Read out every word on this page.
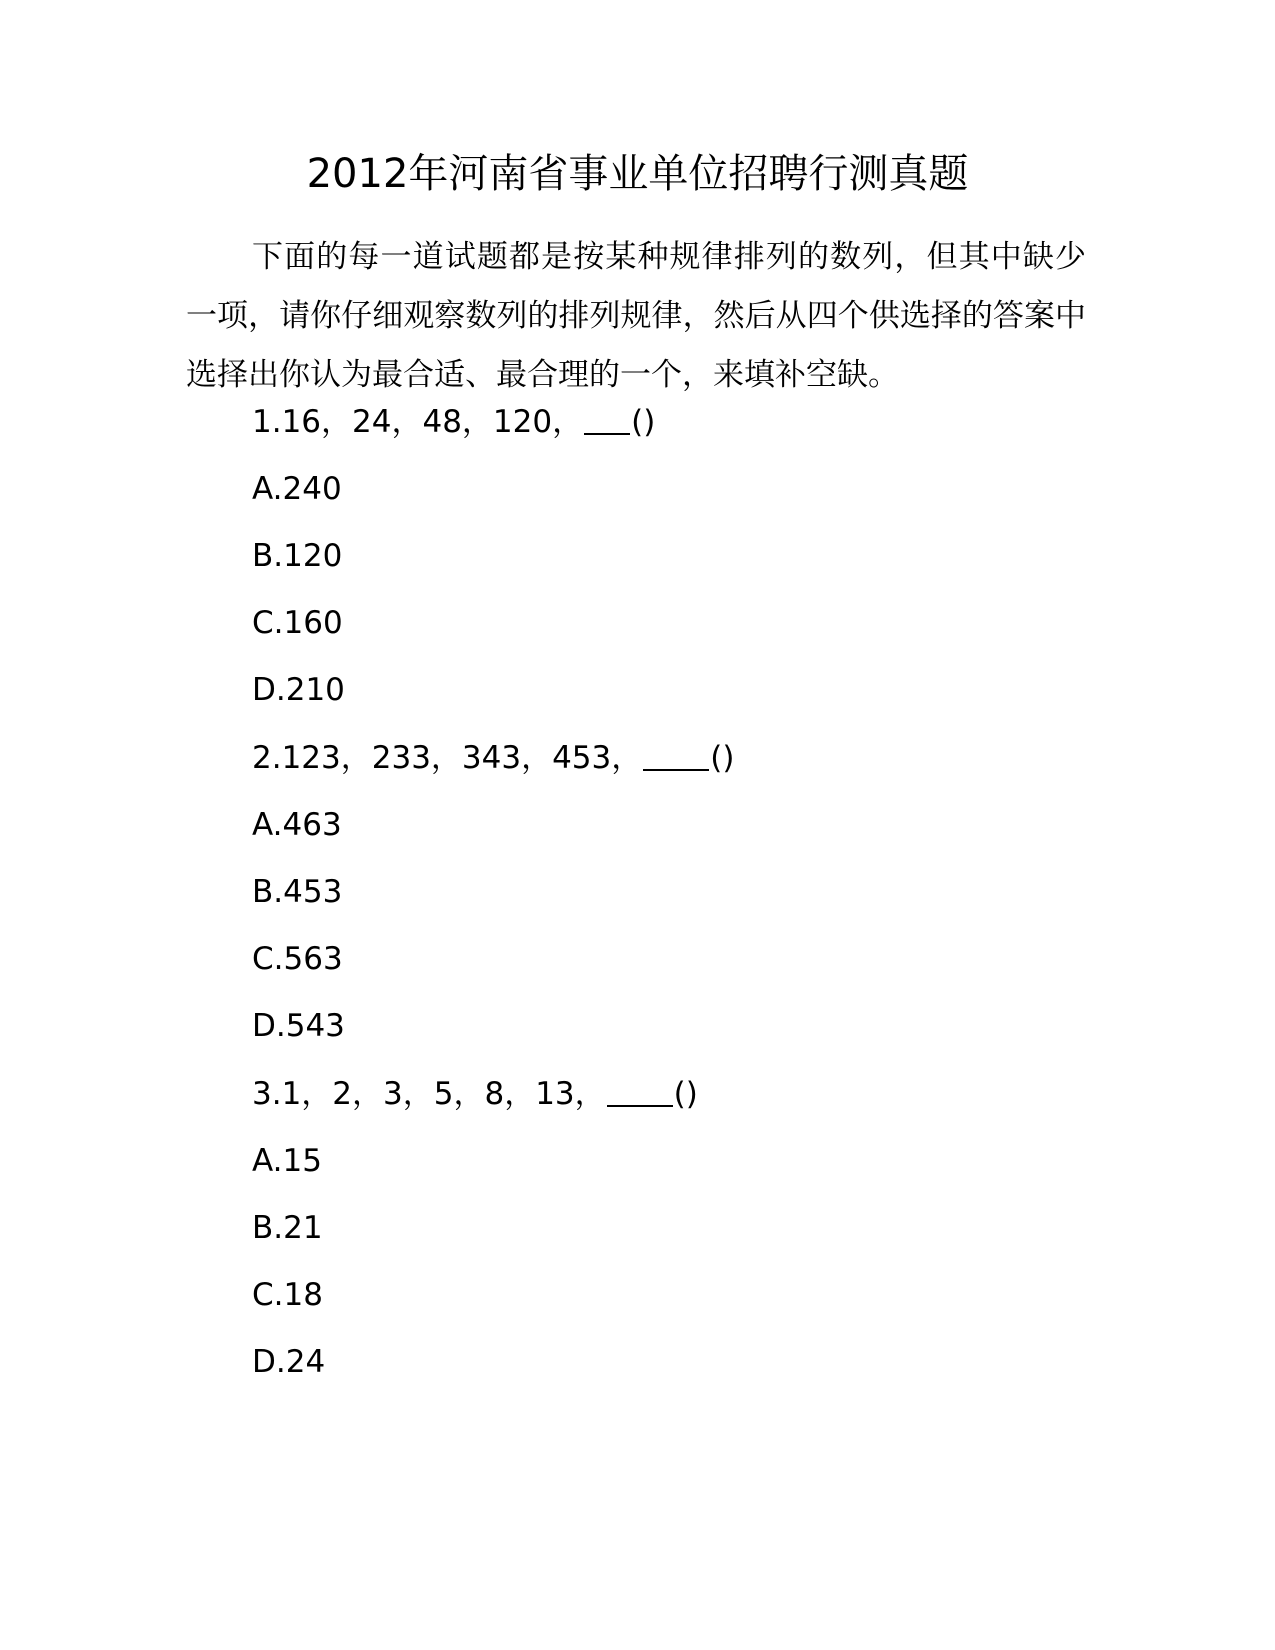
2012年河南省事业单位招聘行测真题
下面的每一道试题都是按某种规律排列的数列，但其中缺少一项，请你仔细观察数列的排列规律，然后从四个供选择的答案中选择出你认为最合适、最合理的一个，来填补空缺。
1.16，24，48，120， ()
A.240
B.120
C.160
D.210
2.123，233，343，453， ()
A.463
B.453
C.563
D.543
3.1，2，3，5，8，13， ()
A.15
B.21
C.18
D.24
